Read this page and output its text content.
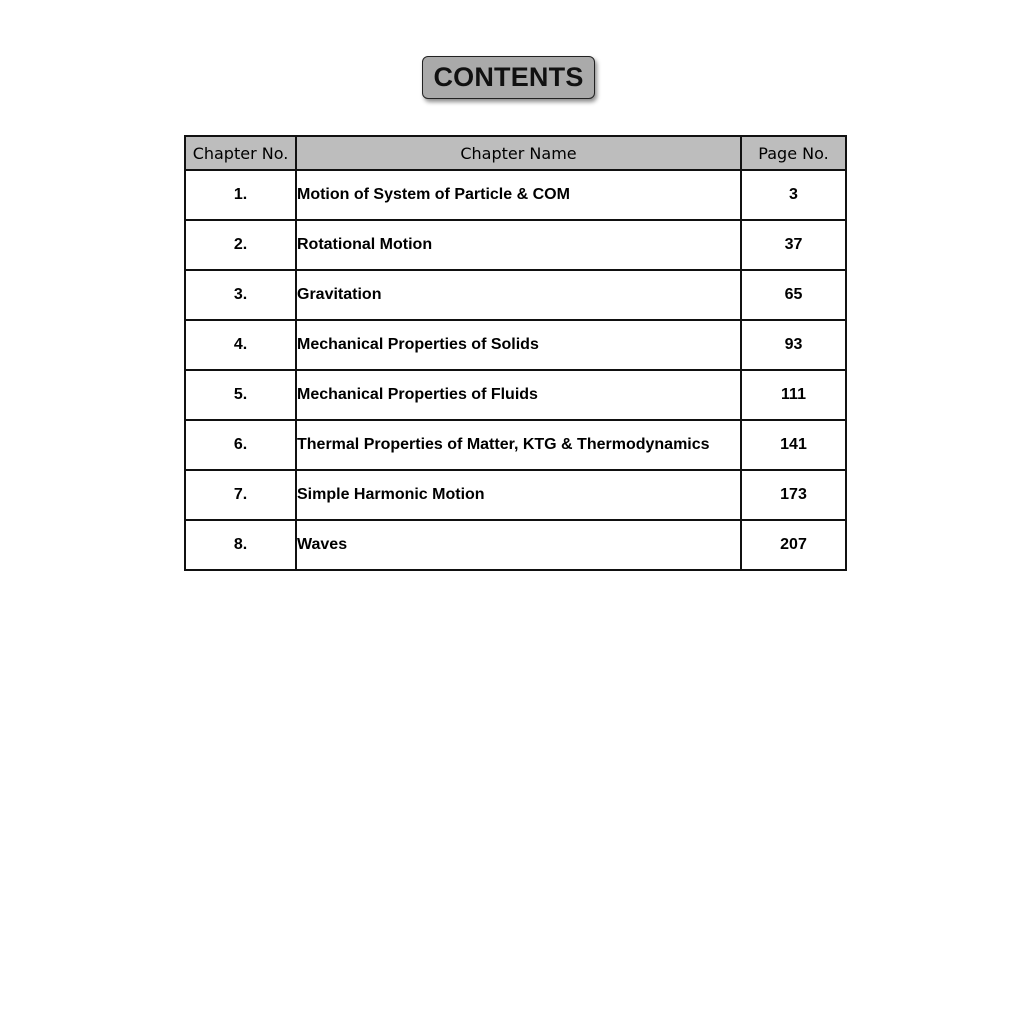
CONTENTS
Chapter No.	Chapter Name	Page No.
1.	Motion of System of Particle & COM	3
2.	Rotational Motion	37
3.	Gravitation	65
4.	Mechanical Properties of Solids	93
5.	Mechanical Properties of Fluids	111
6.	Thermal Properties of Matter, KTG & Thermodynamics	141
7.	Simple Harmonic Motion	173
8.	Waves	207
